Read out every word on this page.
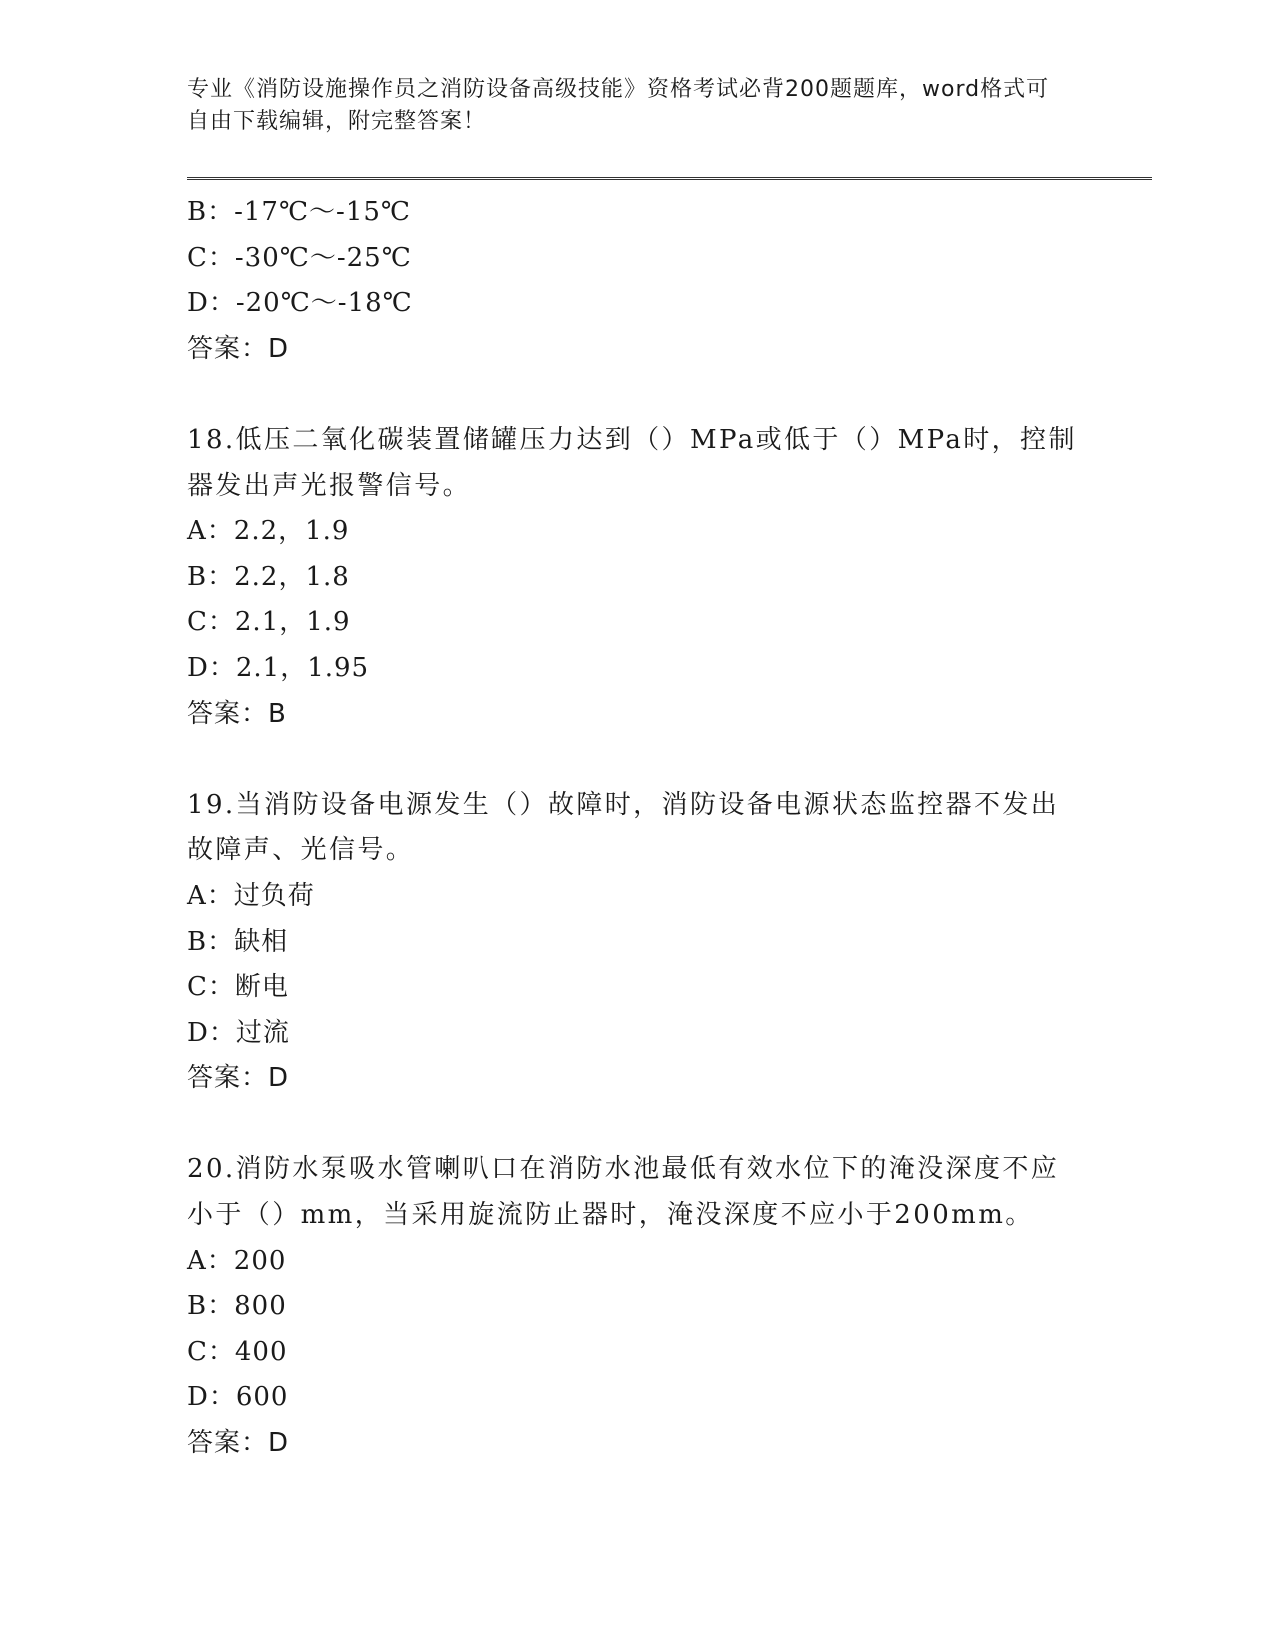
专业《消防设施操作员之消防设备高级技能》资格考试必背200题题库，word格式可自由下载编辑，附完整答案！
B：-17℃～-15℃
C：-30℃～-25℃
D：-20℃～-18℃
答案：D
18.低压二氧化碳装置储罐压力达到（）MPa或低于（）MPa时，控制
器发出声光报警信号。
A：2.2，1.9
B：2.2，1.8
C：2.1，1.9
D：2.1，1.95
答案：B
19.当消防设备电源发生（）故障时，消防设备电源状态监控器不发出
故障声、光信号。
A：过负荷
B：缺相
C：断电
D：过流
答案：D
20.消防水泵吸水管喇叭口在消防水池最低有效水位下的淹没深度不应
小于（）mm，当采用旋流防止器时，淹没深度不应小于200mm。
A：200
B：800
C：400
D：600
答案：D
